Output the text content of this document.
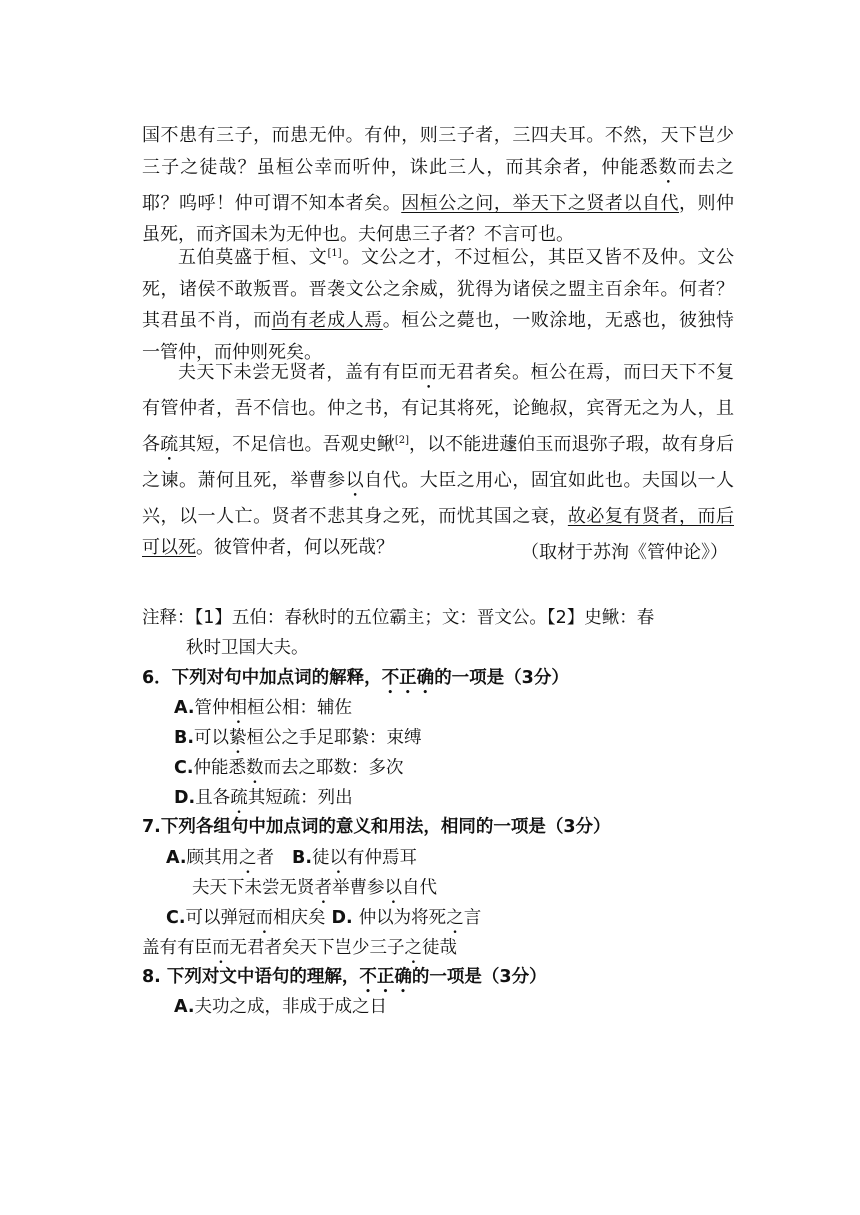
国不患有三子，而患无仲。有仲，则三子者，三四夫耳。不然，天下岂少三子之徒哉？虽桓公幸而听仲，诛此三人，而其余者，仲能悉数而去之耶？呜呼！仲可谓不知本者矣。因桓公之问，举天下之贤者以自代，则仲虽死，而齐国未为无仲也。夫何患三子者？不言可也。

五伯莫盛于桓、文[1]。文公之才，不过桓公，其臣又皆不及仲。文公死，诸侯不敢叛晋。晋袭文公之余威，犹得为诸侯之盟主百余年。何者？其君虽不肖，而尚有老成人焉。桓公之薨也，一败涂地，无惑也，彼独恃一管仲，而仲则死矣。

夫天下未尝无贤者，盖有有臣而无君者矣。桓公在焉，而曰天下不复有管仲者，吾不信也。仲之书，有记其将死，论鲍叔，宾胥无之为人，且各疏其短，不足信也。吾观史鳅[2]，以不能进蘧伯玉而退弥子瑕，故有身后之谏。萧何且死，举曹参以自代。大臣之用心，固宜如此也。夫国以一人兴，以一人亡。贤者不悲其身之死，而忧其国之衰，故必复有贤者，而后可以死。彼管仲者，何以死哉？	（取材于苏洵《管仲论》）

注释：【1】五伯：春秋时的五位霸主；文：晋文公。【2】史鳅：春

秋时卫国大夫。

6．下列对句中加点词的解释，不正确的一项是（3分）

A.管仲相桓公相：辅佐

B.可以絷桓公之手足耶絷：束缚

C.仲能悉数而去之耶数：多次

D.且各疏其短疏：列出

7.下列各组句中加点词的意义和用法，相同的一项是（3分）

A.顾其用之者 B.徒以有仲焉耳

夫天下未尝无贤者举曹参以自代

C.可以弹冠而相庆矣 D. 仲以为将死之言

盖有有臣而无君者矣天下岂少三子之徒哉

8. 下列对文中语句的理解，不正确的一项是（3分）

A.夫功之成，非成于成之日
